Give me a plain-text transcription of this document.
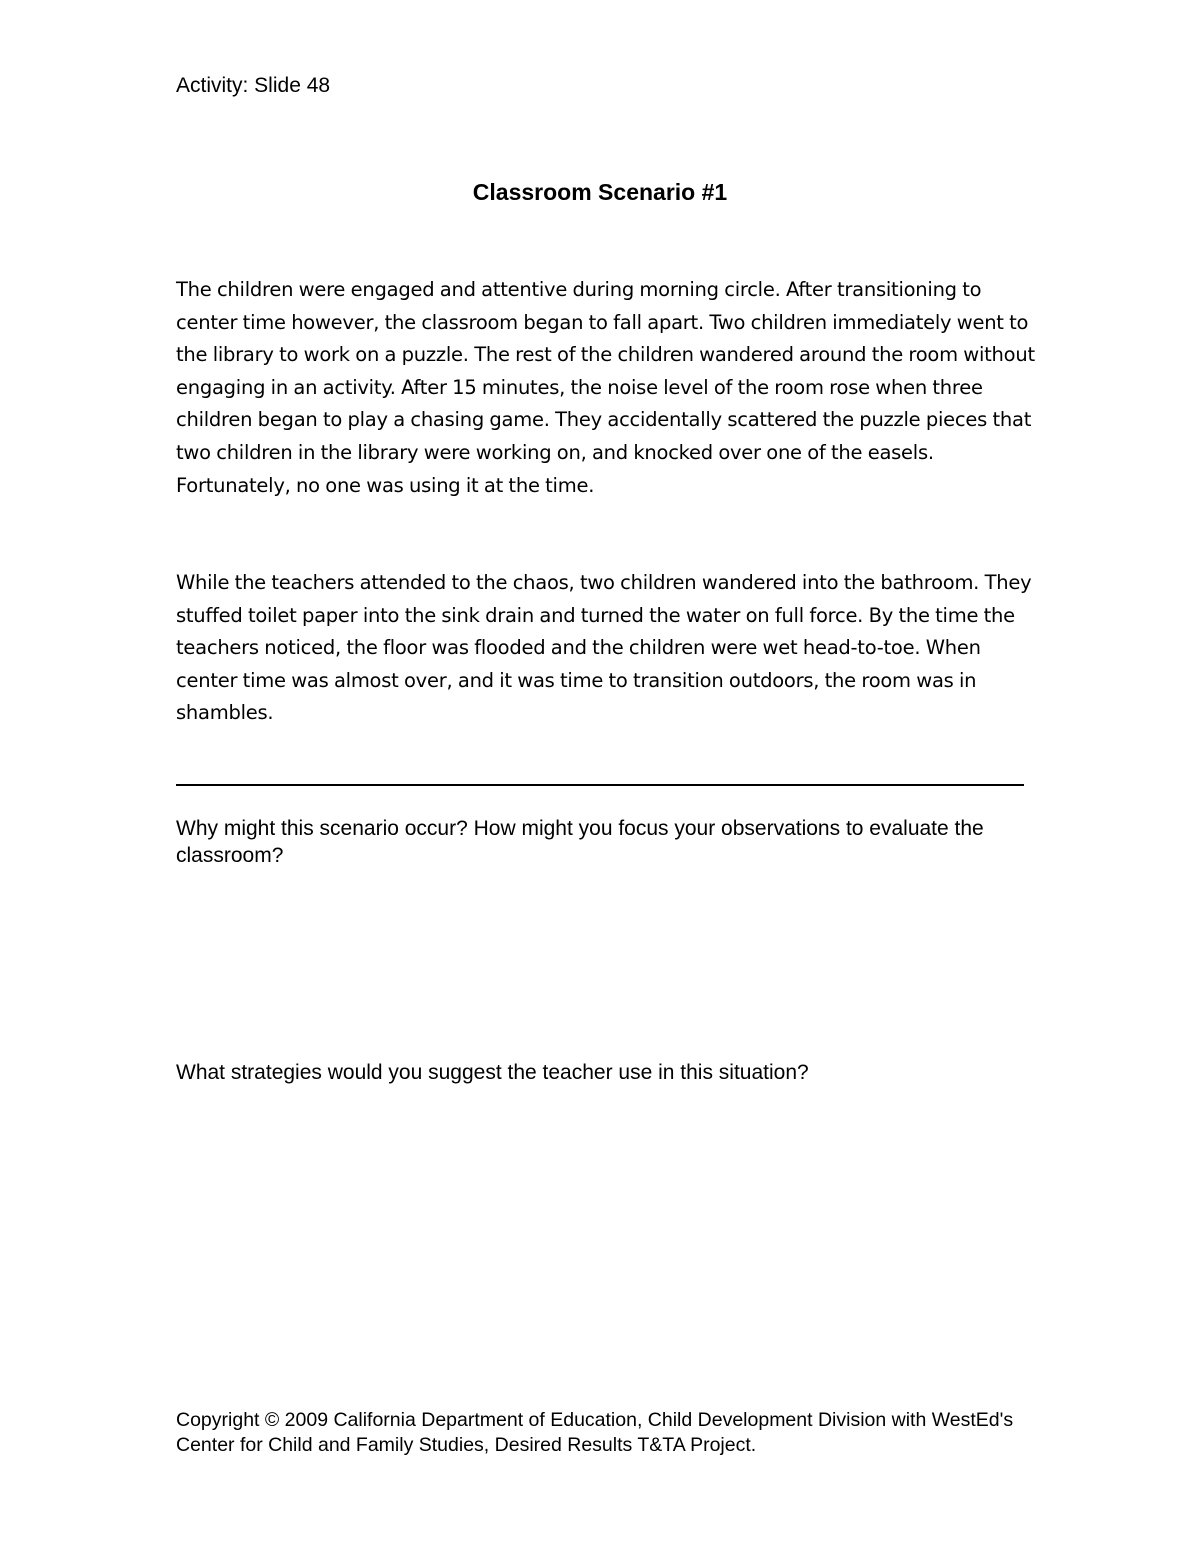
Activity: Slide 48
Classroom Scenario #1

The children were engaged and attentive during morning circle. After transitioning to center time however, the classroom began to fall apart. Two children immediately went to the library to work on a puzzle. The rest of the children wandered around the room without engaging in an activity. After 15 minutes, the noise level of the room rose when three children began to play a chasing game. They accidentally scattered the puzzle pieces that two children in the library were working on, and knocked over one of the easels. Fortunately, no one was using it at the time.

While the teachers attended to the chaos, two children wandered into the bathroom. They stuffed toilet paper into the sink drain and turned the water on full force. By the time the teachers noticed, the floor was flooded and the children were wet head-to-toe. When center time was almost over, and it was time to transition outdoors, the room was in shambles.

Why might this scenario occur? How might you focus your observations to evaluate the classroom?
What strategies would you suggest the teacher use in this situation?
Copyright © 2009 California Department of Education, Child Development Division with WestEd's Center for Child and Family Studies, Desired Results T&TA Project.
